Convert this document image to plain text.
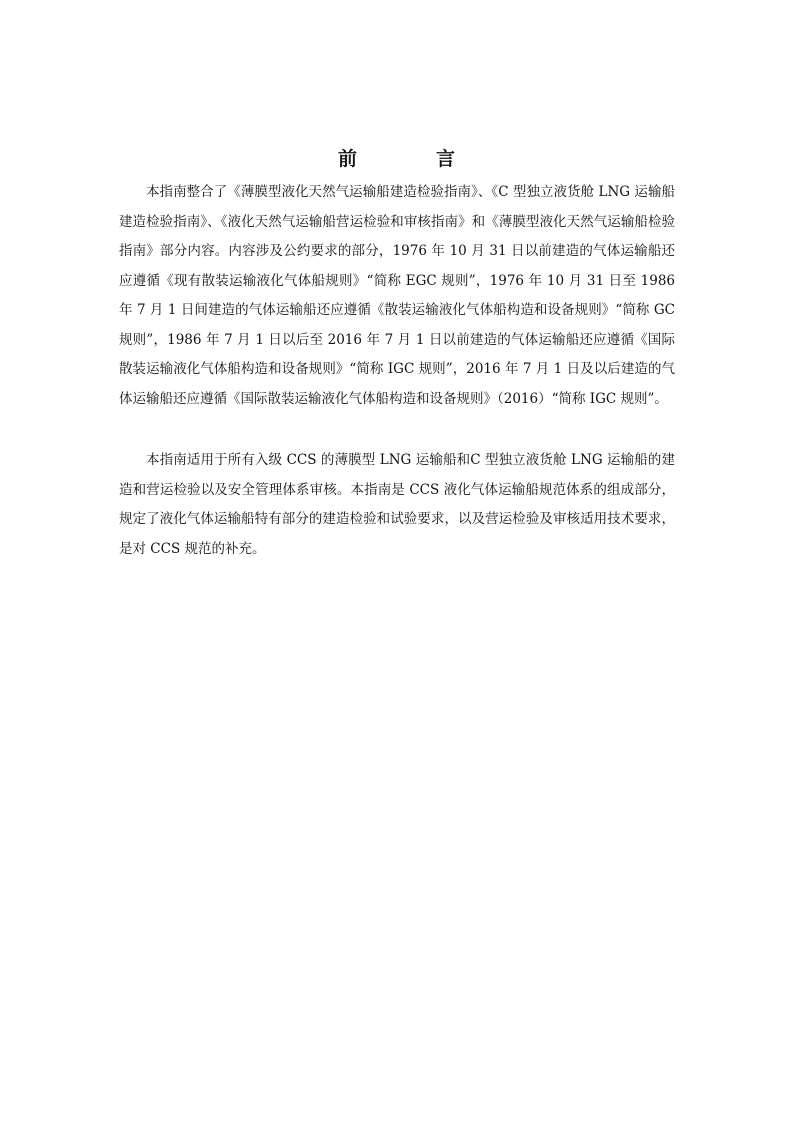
前　言

本指南整合了《薄膜型液化天然气运输船建造检验指南》、《C 型独立液货舱 LNG 运输船建造检验指南》、《液化天然气运输船营运检验和审核指南》和《薄膜型液化天然气运输船检验指南》部分内容。内容涉及公约要求的部分，1976 年 10 月 31 日以前建造的气体运输船还应遵循《现有散装运输液化气体船规则》“简称 EGC 规则”，1976 年 10 月 31 日至 1986 年 7 月 1 日间建造的气体运输船还应遵循《散装运输液化气体船构造和设备规则》“简称 GC 规则”，1986 年 7 月 1 日以后至 2016 年 7 月 1 日以前建造的气体运输船还应遵循《国际散装运输液化气体船构造和设备规则》“简称 IGC 规则”，2016 年 7 月 1 日及以后建造的气体运输船还应遵循《国际散装运输液化气体船构造和设备规则》（2016）“简称 IGC 规则”。

本指南适用于所有入级 CCS 的薄膜型 LNG 运输船和C 型独立液货舱 LNG 运输船的建造和营运检验以及安全管理体系审核。本指南是 CCS 液化气体运输船规范体系的组成部分，规定了液化气体运输船特有部分的建造检验和试验要求，以及营运检验及审核适用技术要求，是对 CCS 规范的补充。
